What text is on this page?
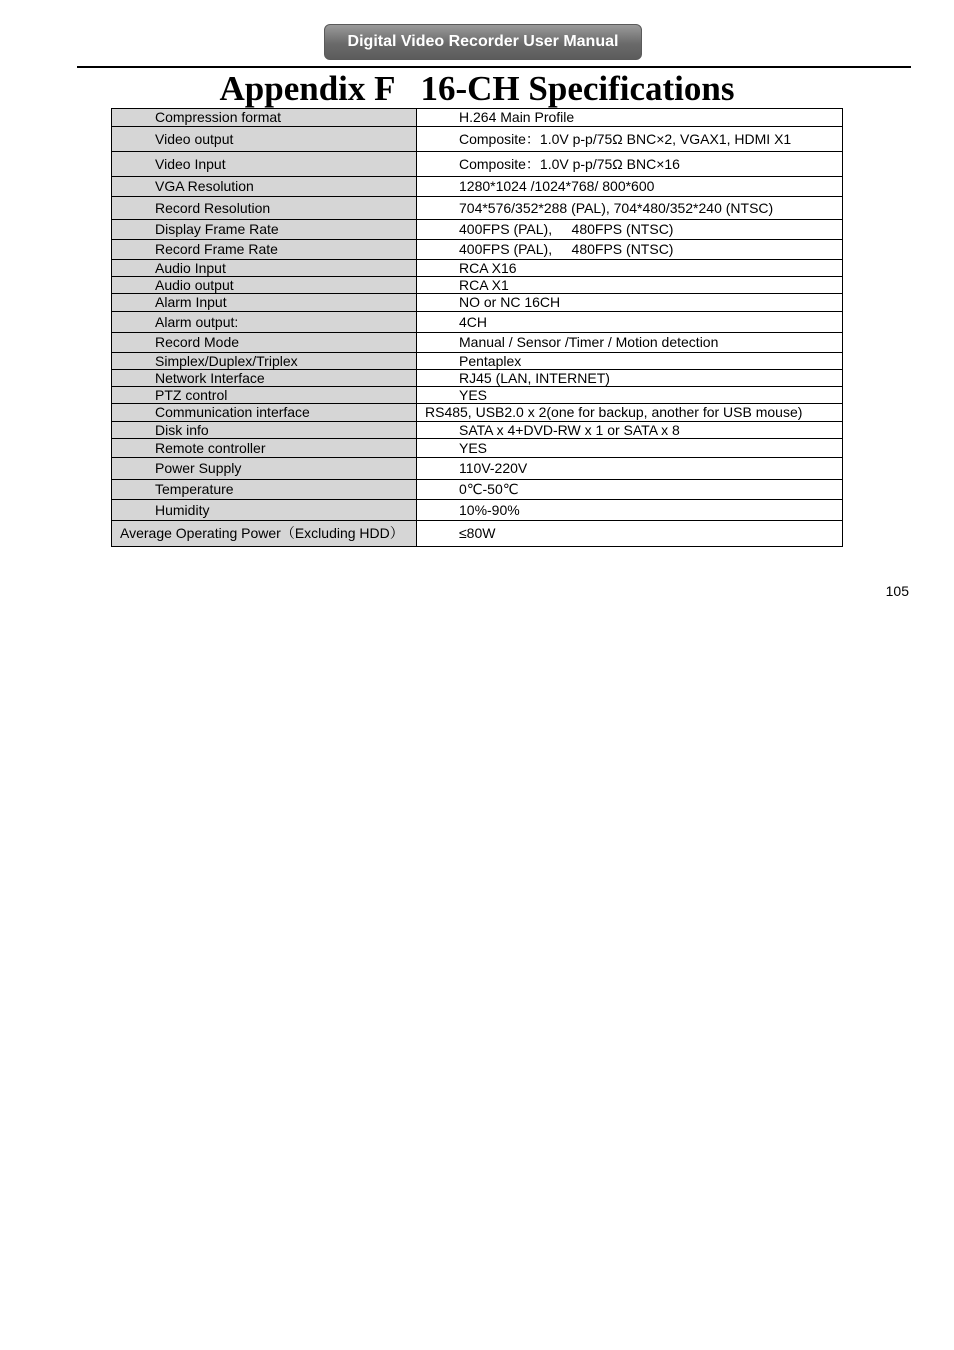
Digital Video Recorder User Manual
Appendix F   16-CH Specifications
Compression format	H.264 Main Profile
Video output	Composite：1.0V p-p/75Ω BNC×2, VGAX1, HDMI X1
Video Input	Composite：1.0V p-p/75Ω BNC×16
VGA Resolution	1280*1024 /1024*768/ 800*600
Record Resolution	704*576/352*288 (PAL), 704*480/352*240 (NTSC)
Display Frame Rate	400FPS (PAL),     480FPS (NTSC)
Record Frame Rate	400FPS (PAL),     480FPS (NTSC)
Audio Input	RCA X16
Audio output	RCA X1
Alarm Input	NO or NC 16CH
Alarm output:	4CH
Record Mode	Manual / Sensor /Timer / Motion detection
Simplex/Duplex/Triplex	Pentaplex
Network Interface	RJ45 (LAN, INTERNET)
PTZ control	YES
Communication interface	RS485, USB2.0 x 2(one for backup, another for USB mouse)
Disk info	SATA x 4+DVD-RW x 1 or SATA x 8
Remote controller	YES
Power Supply	110V-220V
Temperature	0℃-50℃
Humidity	10%-90%
Average Operating Power（Excluding HDD）	≤80W
105
